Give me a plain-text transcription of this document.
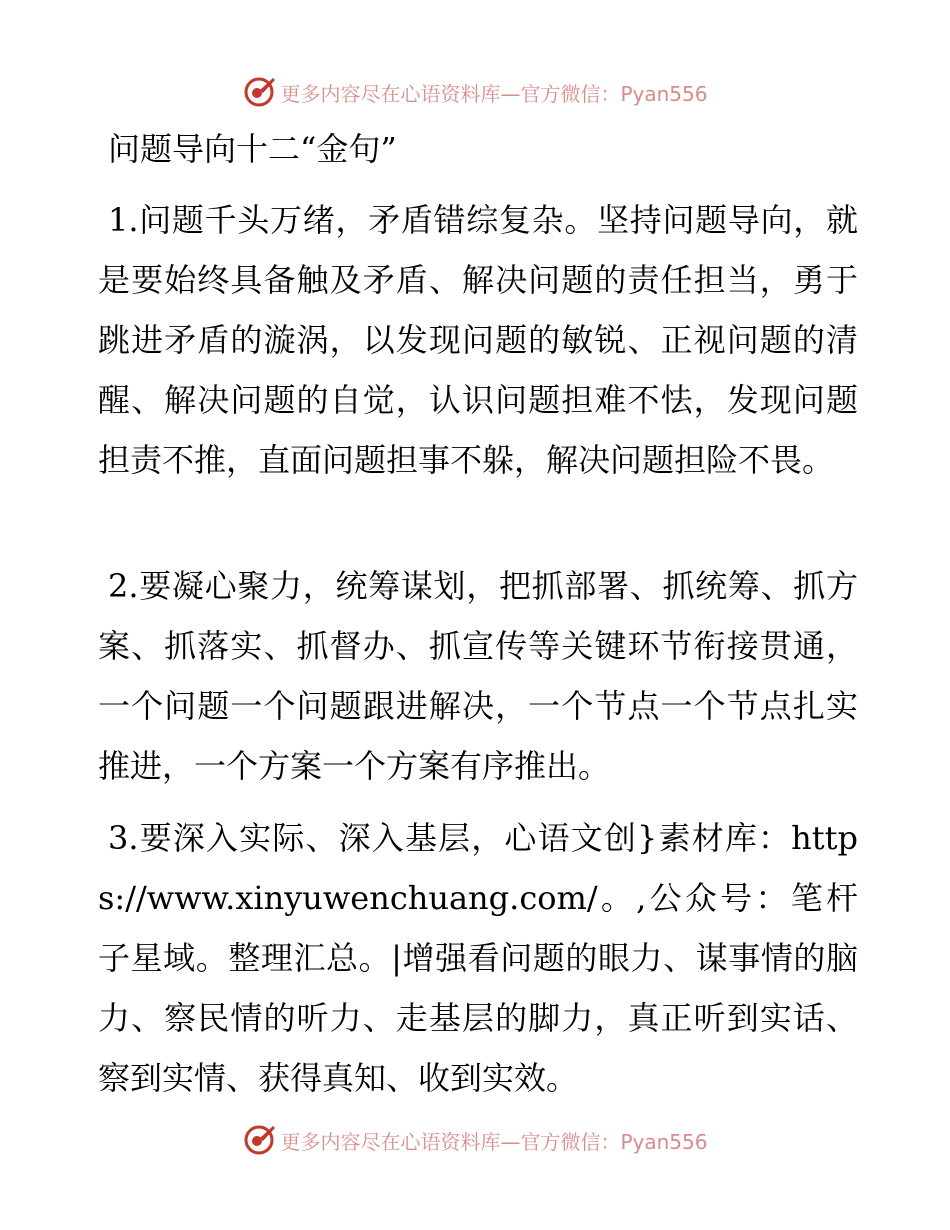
更多内容尽在心语资料库—官方微信：Pyan556
问题导向十二“金句”

1.问题千头万绪，矛盾错综复杂。坚持问题导向，就是要始终具备触及矛盾、解决问题的责任担当，勇于跳进矛盾的漩涡，以发现问题的敏锐、正视问题的清醒、解决问题的自觉，认识问题担难不怯，发现问题担责不推，直面问题担事不躲，解决问题担险不畏。

2.要凝心聚力，统筹谋划，把抓部署、抓统筹、抓方案、抓落实、抓督办、抓宣传等关键环节衔接贯通，一个问题一个问题跟进解决，一个节点一个节点扎实推进，一个方案一个方案有序推出。

3.要深入实际、深入基层，心语文创}素材库：https://www.xinyuwenchuang.com/。,公众号：笔杆子星域。整理汇总。|增强看问题的眼力、谋事情的脑力、察民情的听力、走基层的脚力，真正听到实话、察到实情、获得真知、收到实效。

更多内容尽在心语资料库—官方微信：Pyan556
